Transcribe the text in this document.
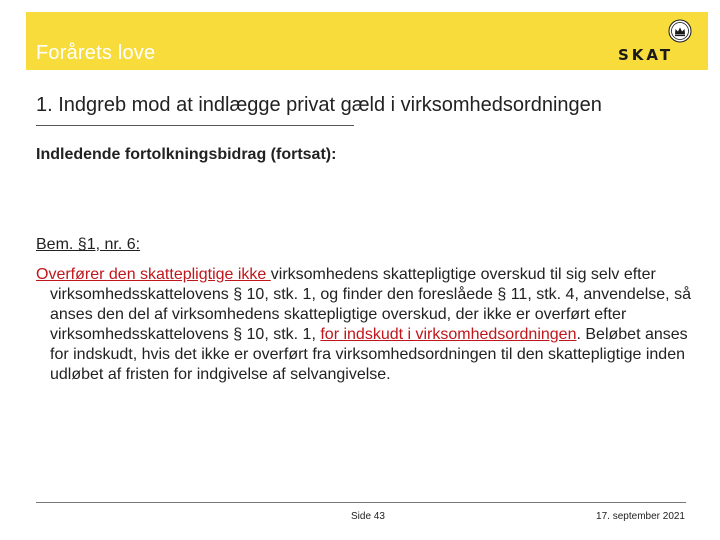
Forårets love	SKAT
1. Indgreb mod at indlægge privat gæld i virksomhedsordningen
Indledende fortolkningsbidrag (fortsat):
Bem. §1, nr. 6:
Overfører den skattepligtige ikke virksomhedens skattepligtige overskud til sig selv efter virksomhedsskattelovens § 10, stk. 1, og finder den foreslåede § 11, stk. 4, anvendelse, så anses den del af virksomhedens skattepligtige overskud, der ikke er overført efter virksomhedsskattelovens § 10, stk. 1, for indskudt i virksomhedsordningen. Beløbet anses for indskudt, hvis det ikke er overført fra virksomhedsordningen til den skattepligtige inden udløbet af fristen for indgivelse af selvangivelse.
Side 43	17. september 2021
